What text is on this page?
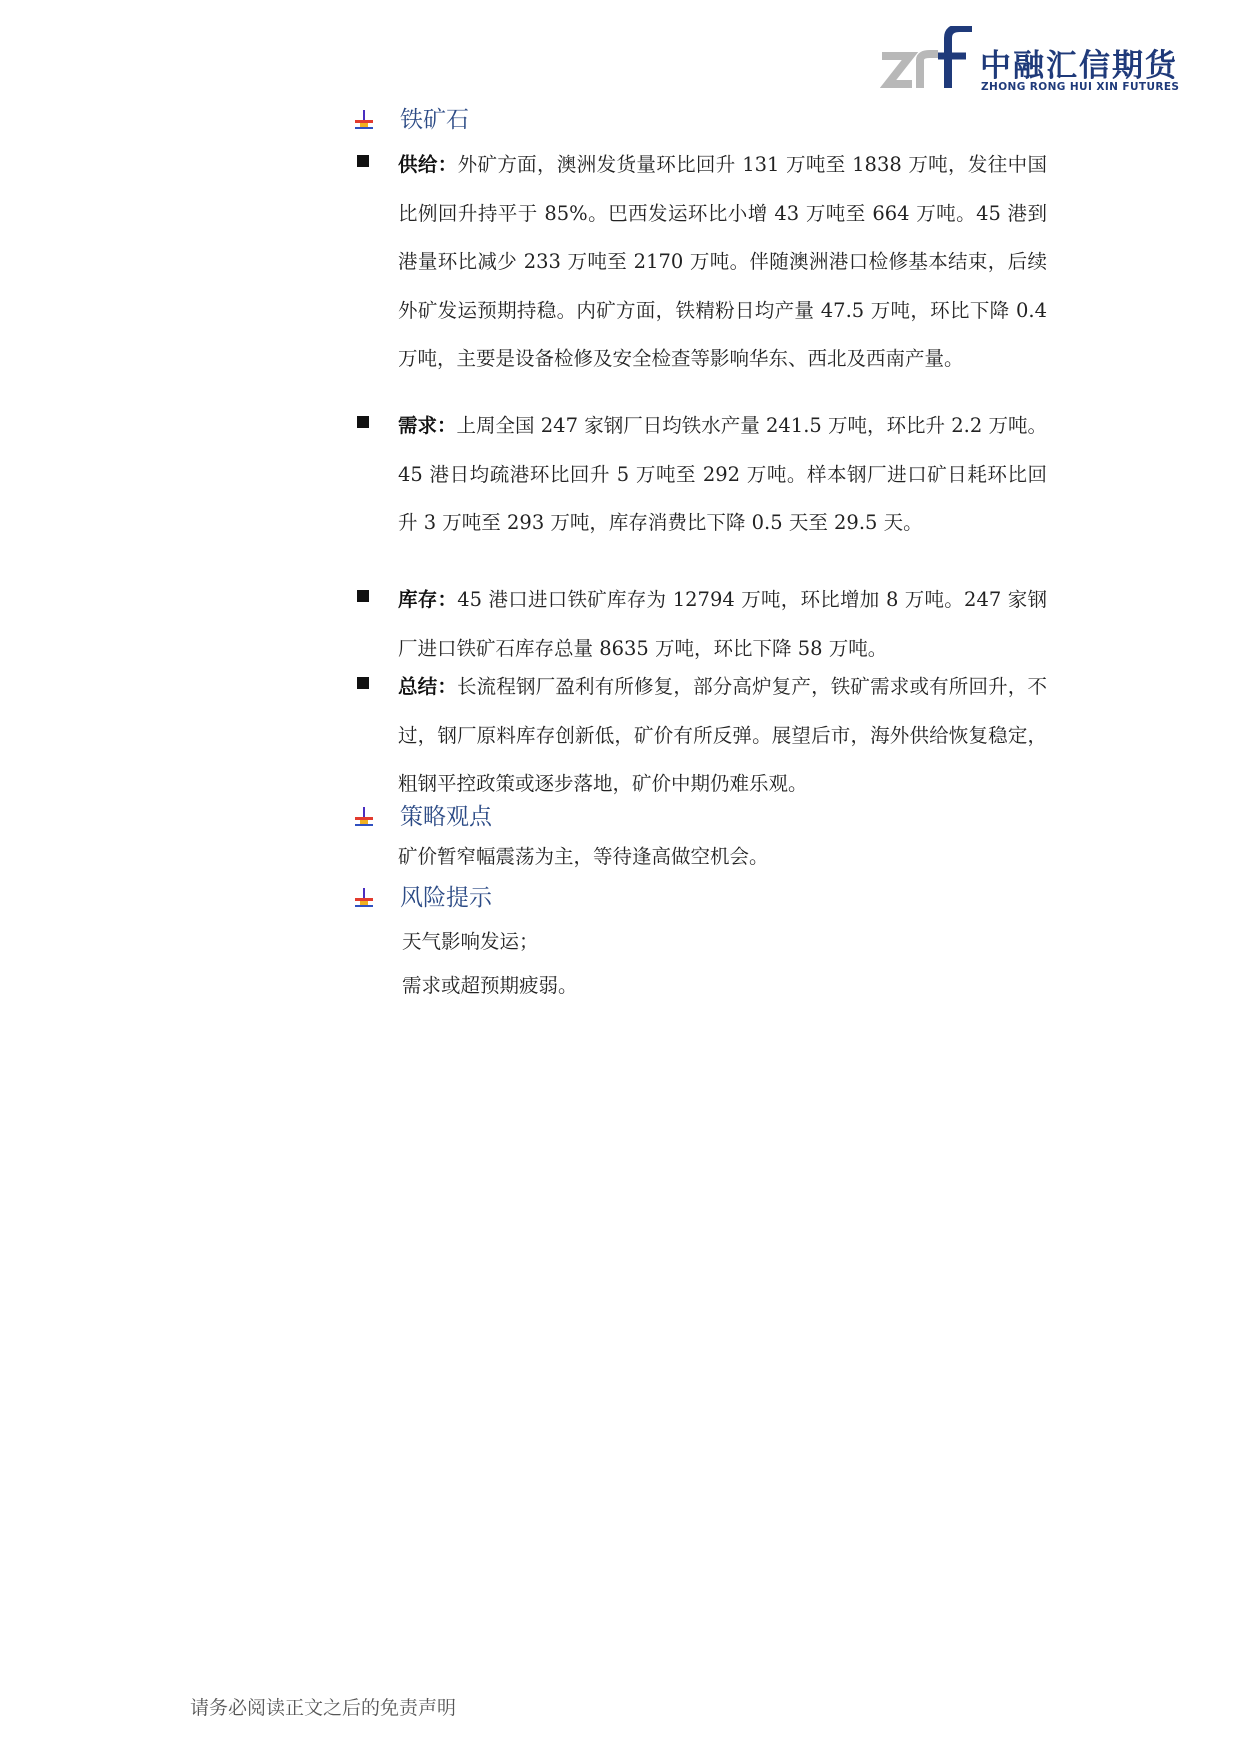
中融汇信期货
ZHONG RONG HUI XIN FUTURES
铁矿石
供给：外矿方面，澳洲发货量环比回升 131 万吨至 1838 万吨，发往中国比例回升持平于 85%。巴西发运环比小增 43 万吨至 664 万吨。45 港到港量环比减少 233 万吨至 2170 万吨。伴随澳洲港口检修基本结束，后续外矿发运预期持稳。内矿方面，铁精粉日均产量 47.5 万吨，环比下降 0.4 万吨，主要是设备检修及安全检查等影响华东、西北及西南产量。
需求：上周全国 247 家钢厂日均铁水产量 241.5 万吨，环比升 2.2 万吨。45 港日均疏港环比回升 5 万吨至 292 万吨。样本钢厂进口矿日耗环比回升 3 万吨至 293 万吨，库存消费比下降 0.5 天至 29.5 天。
库存：45 港口进口铁矿库存为 12794 万吨，环比增加 8 万吨。247 家钢厂进口铁矿石库存总量 8635 万吨，环比下降 58 万吨。
总结：长流程钢厂盈利有所修复，部分高炉复产，铁矿需求或有所回升，不过，钢厂原料库存创新低，矿价有所反弹。展望后市，海外供给恢复稳定，粗钢平控政策或逐步落地，矿价中期仍难乐观。
策略观点
矿价暂窄幅震荡为主，等待逢高做空机会。
风险提示
天气影响发运；
需求或超预期疲弱。
请务必阅读正文之后的免责声明
